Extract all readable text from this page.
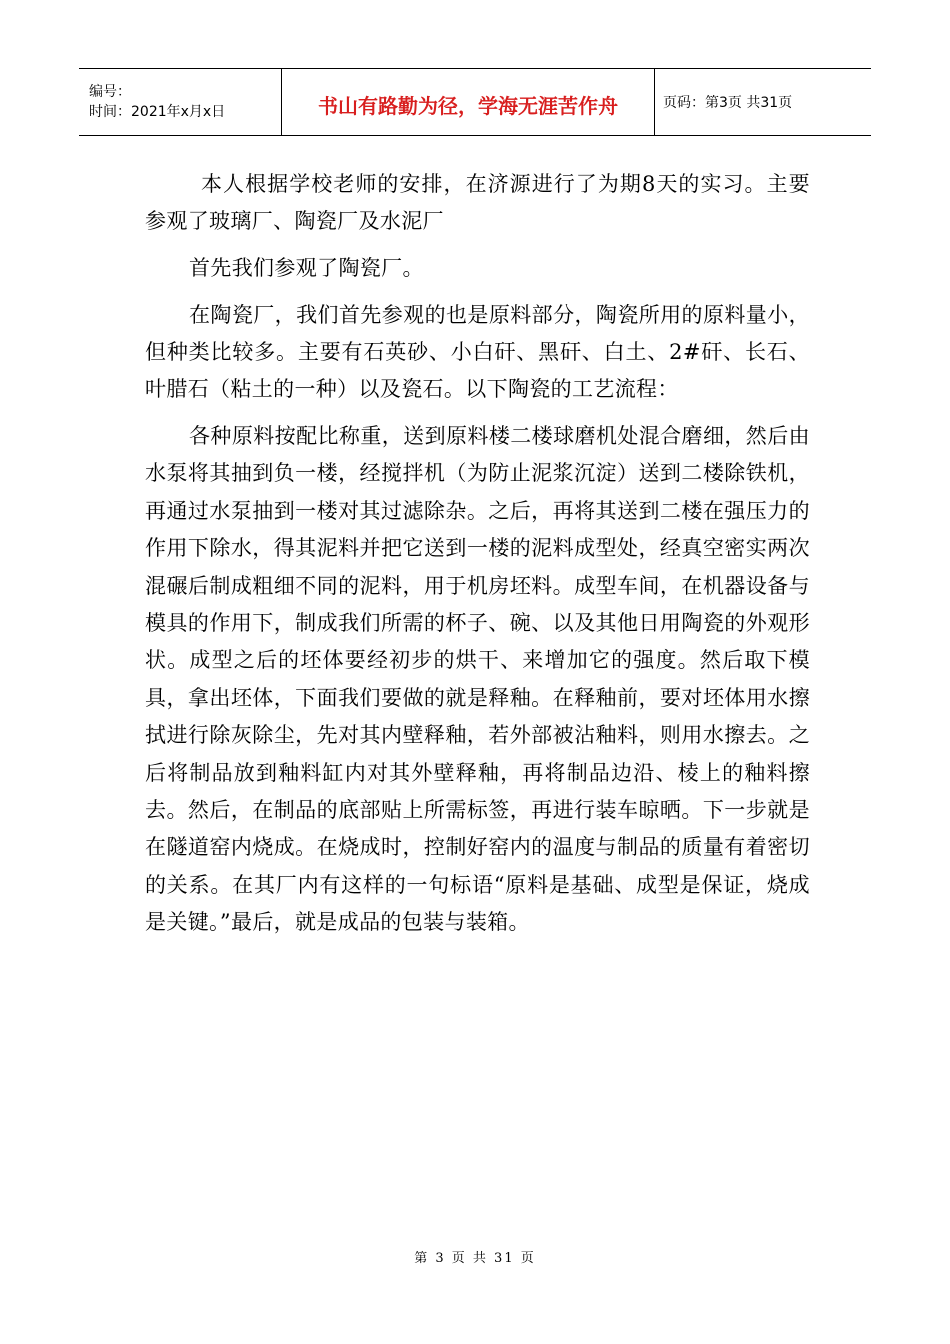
编号：
时间：2021年x月x日	书山有路勤为径，学海无涯苦作舟	页码：第3页 共31页

本人根据学校老师的安排，在济源进行了为期8天的实习。主要参观了玻璃厂、陶瓷厂及水泥厂

首先我们参观了陶瓷厂。

在陶瓷厂，我们首先参观的也是原料部分，陶瓷所用的原料量小，但种类比较多。主要有石英砂、小白矸、黑矸、白土、2#矸、长石、叶腊石（粘土的一种）以及瓷石。以下陶瓷的工艺流程：

各种原料按配比称重，送到原料楼二楼球磨机处混合磨细，然后由水泵将其抽到负一楼，经搅拌机（为防止泥浆沉淀）送到二楼除铁机，再通过水泵抽到一楼对其过滤除杂。之后，再将其送到二楼在强压力的作用下除水，得其泥料并把它送到一楼的泥料成型处，经真空密实两次混碾后制成粗细不同的泥料，用于机房坯料。成型车间，在机器设备与模具的作用下，制成我们所需的杯子、碗、以及其他日用陶瓷的外观形状。成型之后的坯体要经初步的烘干、来增加它的强度。然后取下模具，拿出坯体，下面我们要做的就是释釉。在释釉前，要对坯体用水擦拭进行除灰除尘，先对其内壁释釉，若外部被沾釉料，则用水擦去。之后将制品放到釉料缸内对其外壁释釉，再将制品边沿、棱上的釉料擦去。然后，在制品的底部贴上所需标签，再进行装车晾晒。下一步就是在隧道窑内烧成。在烧成时，控制好窑内的温度与制品的质量有着密切的关系。在其厂内有这样的一句标语“原料是基础、成型是保证，烧成是关键。”最后，就是成品的包装与装箱。

第 3 页 共 31 页
